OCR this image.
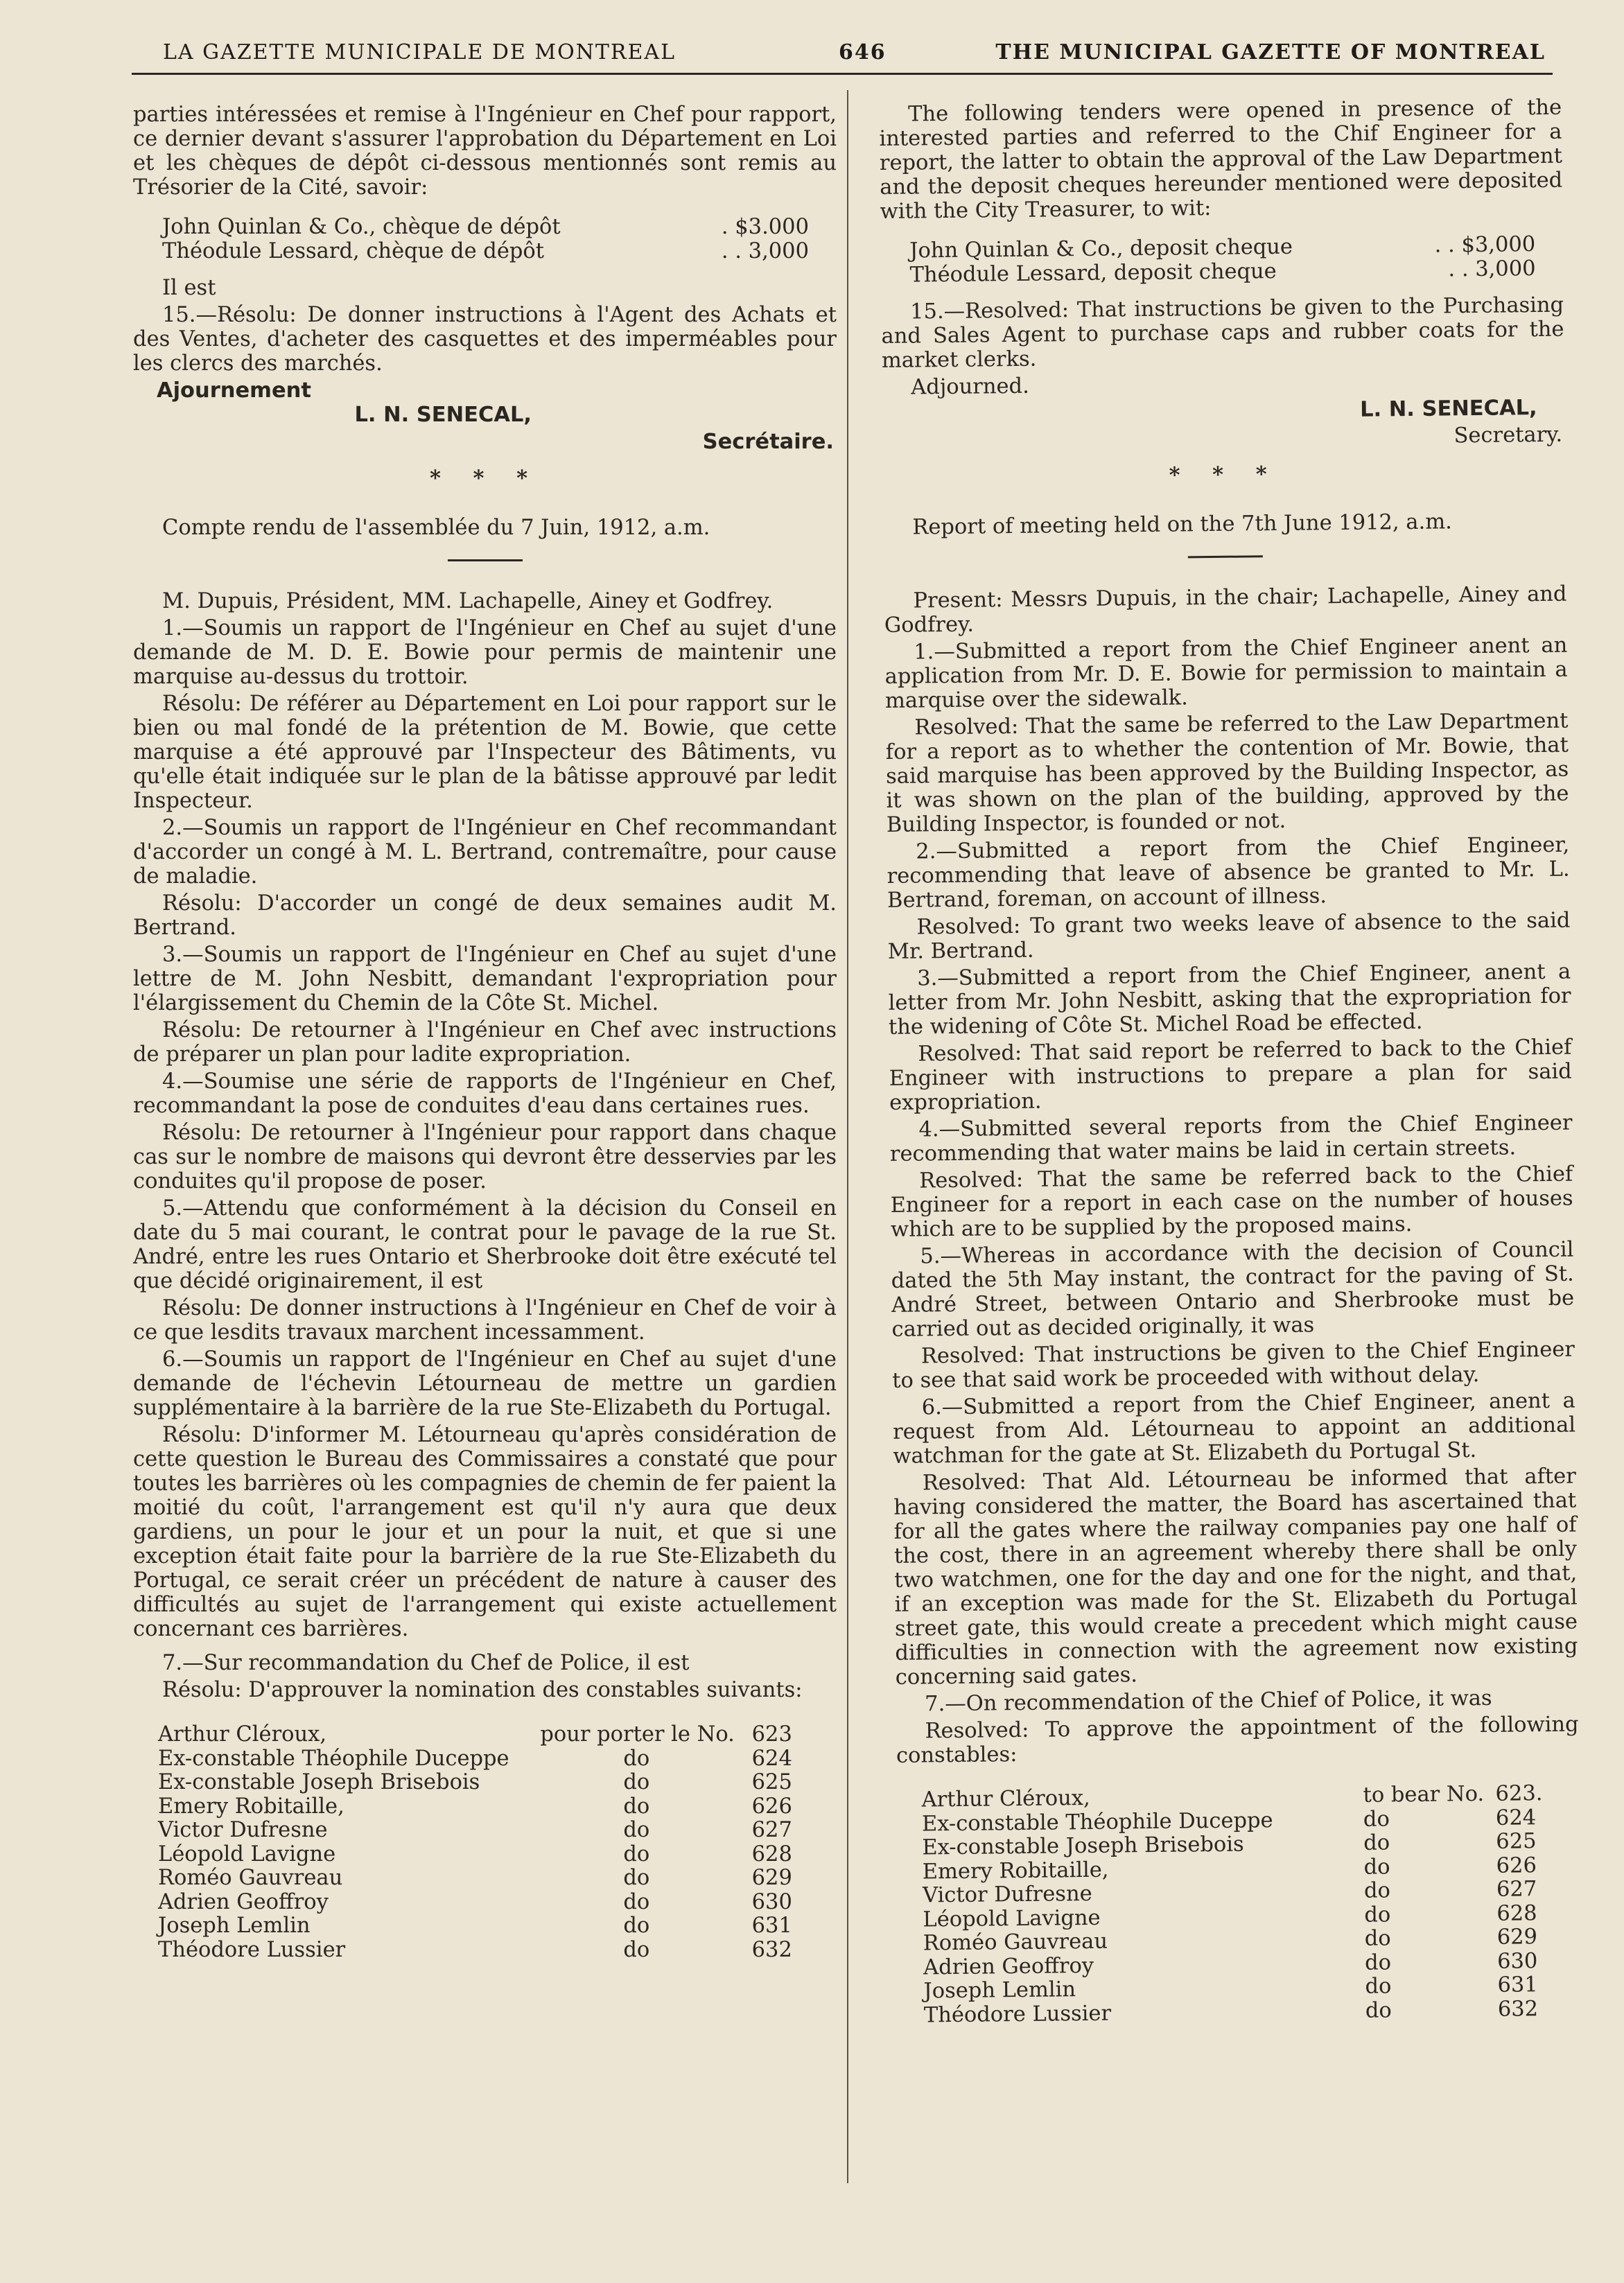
LA GAZETTE MUNICIPALE DE MONTREAL	646	THE MUNICIPAL GAZETTE OF MONTREAL

parties intéressées et remise à l'Ingénieur en Chef pour rapport, ce dernier devant s'assurer l'approbation du Département en Loi et les chèques de dépôt ci-dessous mentionnés sont remis au Trésorier de la Cité, savoir:

John Quinlan & Co., chèque de dépôt	. $3.000
Théodule Lessard, chèque de dépôt	. . 3,000

Il est

15.—Résolu: De donner instructions à l'Agent des Achats et des Ventes, d'acheter des casquettes et des imperméables pour les clercs des marchés.

Ajournement

L. N. SENECAL,

Secrétaire.

* * *

Compte rendu de l'assemblée du 7 Juin, 1912, a.m.

M. Dupuis, Président, MM. Lachapelle, Ainey et Godfrey.

1.—Soumis un rapport de l'Ingénieur en Chef au sujet d'une demande de M. D. E. Bowie pour permis de maintenir une marquise au-dessus du trottoir.

Résolu: De référer au Département en Loi pour rapport sur le bien ou mal fondé de la prétention de M. Bowie, que cette marquise a été approuvé par l'Inspecteur des Bâtiments, vu qu'elle était indiquée sur le plan de la bâtisse approuvé par ledit Inspecteur.

2.—Soumis un rapport de l'Ingénieur en Chef recommandant d'accorder un congé à M. L. Bertrand, contremaître, pour cause de maladie.

Résolu: D'accorder un congé de deux semaines audit M. Bertrand.

3.—Soumis un rapport de l'Ingénieur en Chef au sujet d'une lettre de M. John Nesbitt, demandant l'expropriation pour l'élargissement du Chemin de la Côte St. Michel.

Résolu: De retourner à l'Ingénieur en Chef avec instructions de préparer un plan pour ladite expropriation.

4.—Soumise une série de rapports de l'Ingénieur en Chef, recommandant la pose de conduites d'eau dans certaines rues.

Résolu: De retourner à l'Ingénieur pour rapport dans chaque cas sur le nombre de maisons qui devront être desservies par les conduites qu'il propose de poser.

5.—Attendu que conformément à la décision du Conseil en date du 5 mai courant, le contrat pour le pavage de la rue St. André, entre les rues Ontario et Sherbrooke doit être exécuté tel que décidé originairement, il est

Résolu: De donner instructions à l'Ingénieur en Chef de voir à ce que lesdits travaux marchent incessamment.

6.—Soumis un rapport de l'Ingénieur en Chef au sujet d'une demande de l'échevin Létourneau de mettre un gardien supplémentaire à la barrière de la rue Ste-Elizabeth du Portugal.

Résolu: D'informer M. Létourneau qu'après considération de cette question le Bureau des Commissaires a constaté que pour toutes les barrières où les compagnies de chemin de fer paient la moitié du coût, l'arrangement est qu'il n'y aura que deux gardiens, un pour le jour et un pour la nuit, et que si une exception était faite pour la barrière de la rue Ste-Elizabeth du Portugal, ce serait créer un précédent de nature à causer des difficultés au sujet de l'arrangement qui existe actuellement concernant ces barrières.

7.—Sur recommandation du Chef de Police, il est

Résolu: D'approuver la nomination des constables suivants:

Arthur Cléroux,	pour porter le No.	623
Ex-constable Théophile Duceppe	do	624
Ex-constable Joseph Brisebois	do	625
Emery Robitaille,	do	626
Victor Dufresne	do	627
Léopold Lavigne	do	628
Roméo Gauvreau	do	629
Adrien Geoffroy	do	630
Joseph Lemlin	do	631
Théodore Lussier	do	632

The following tenders were opened in presence of the interested parties and referred to the Chif Engineer for a report, the latter to obtain the approval of the Law Department and the deposit cheques hereunder mentioned were deposited with the City Treasurer, to wit:

John Quinlan & Co., deposit cheque	. . $3,000
Théodule Lessard, deposit cheque	. . 3,000

15.—Resolved: That instructions be given to the Purchasing and Sales Agent to purchase caps and rubber coats for the market clerks.

Adjourned.

L. N. SENECAL,

Secretary.

* * *

Report of meeting held on the 7th June 1912, a.m.

Present: Messrs Dupuis, in the chair; Lachapelle, Ainey and Godfrey.

1.—Submitted a report from the Chief Engineer anent an application from Mr. D. E. Bowie for permission to maintain a marquise over the sidewalk.

Resolved: That the same be referred to the Law Department for a report as to whether the contention of Mr. Bowie, that said marquise has been approved by the Building Inspector, as it was shown on the plan of the building, approved by the Building Inspector, is founded or not.

2.—Submitted a report from the Chief Engineer, recommending that leave of absence be granted to Mr. L. Bertrand, foreman, on account of illness.

Resolved: To grant two weeks leave of absence to the said Mr. Bertrand.

3.—Submitted a report from the Chief Engineer, anent a letter from Mr. John Nesbitt, asking that the expropriation for the widening of Côte St. Michel Road be effected.

Resolved: That said report be referred to back to the Chief Engineer with instructions to prepare a plan for said expropriation.

4.—Submitted several reports from the Chief Engineer recommending that water mains be laid in certain streets.

Resolved: That the same be referred back to the Chief Engineer for a report in each case on the number of houses which are to be supplied by the proposed mains.

5.—Whereas in accordance with the decision of Council dated the 5th May instant, the contract for the paving of St. André Street, between Ontario and Sherbrooke must be carried out as decided originally, it was

Resolved: That instructions be given to the Chief Engineer to see that said work be proceeded with without delay.

6.—Submitted a report from the Chief Engineer, anent a request from Ald. Létourneau to appoint an additional watchman for the gate at St. Elizabeth du Portugal St.

Resolved: That Ald. Létourneau be informed that after having considered the matter, the Board has ascertained that for all the gates where the railway companies pay one half of the cost, there in an agreement whereby there shall be only two watchmen, one for the day and one for the night, and that, if an exception was made for the St. Elizabeth du Portugal street gate, this would create a precedent which might cause difficulties in connection with the agreement now existing concerning said gates.

7.—On recommendation of the Chief of Police, it was

Resolved: To approve the appointment of the following constables:

Arthur Cléroux,	to bear No.	623.
Ex-constable Théophile Duceppe	do	624
Ex-constable Joseph Brisebois	do	625
Emery Robitaille,	do	626
Victor Dufresne	do	627
Léopold Lavigne	do	628
Roméo Gauvreau	do	629
Adrien Geoffroy	do	630
Joseph Lemlin	do	631
Théodore Lussier	do	632
